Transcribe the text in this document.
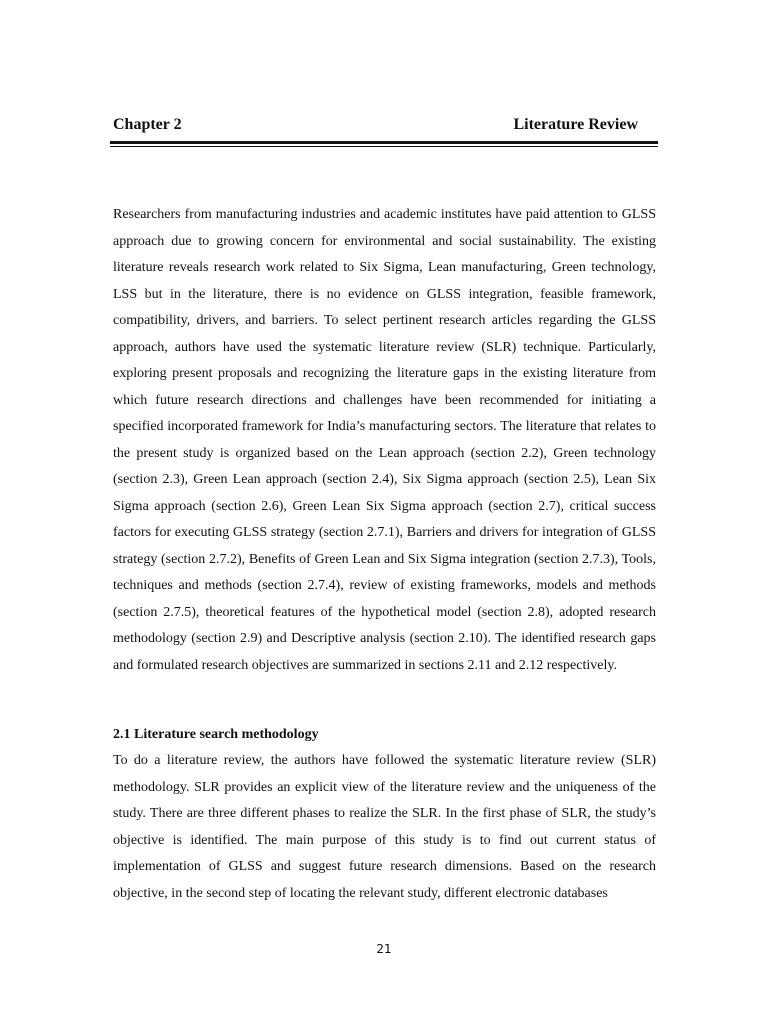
Chapter 2	Literature Review

Researchers from manufacturing industries and academic institutes have paid attention to GLSS approach due to growing concern for environmental and social sustainability. The existing literature reveals research work related to Six Sigma, Lean manufacturing, Green technology, LSS but in the literature, there is no evidence on GLSS integration, feasible framework, compatibility, drivers, and barriers. To select pertinent research articles regarding the GLSS approach, authors have used the systematic literature review (SLR) technique. Particularly, exploring present proposals and recognizing the literature gaps in the existing literature from which future research directions and challenges have been recommended for initiating a specified incorporated framework for India’s manufacturing sectors. The literature that relates to the present study is organized based on the Lean approach (section 2.2), Green technology (section 2.3), Green Lean approach (section 2.4), Six Sigma approach (section 2.5), Lean Six Sigma approach (section 2.6), Green Lean Six Sigma approach (section 2.7), critical success factors for executing GLSS strategy (section 2.7.1), Barriers and drivers for integration of GLSS strategy (section 2.7.2), Benefits of Green Lean and Six Sigma integration (section 2.7.3), Tools, techniques and methods (section 2.7.4), review of existing frameworks, models and methods (section 2.7.5), theoretical features of the hypothetical model (section 2.8), adopted research methodology (section 2.9) and Descriptive analysis (section 2.10). The identified research gaps and formulated research objectives are summarized in sections 2.11 and 2.12 respectively.

2.1 Literature search methodology

To do a literature review, the authors have followed the systematic literature review (SLR) methodology. SLR provides an explicit view of the literature review and the uniqueness of the study. There are three different phases to realize the SLR. In the first phase of SLR, the study’s objective is identified. The main purpose of this study is to find out current status of implementation of GLSS and suggest future research dimensions. Based on the research objective, in the second step of locating the relevant study, different electronic databases

21
